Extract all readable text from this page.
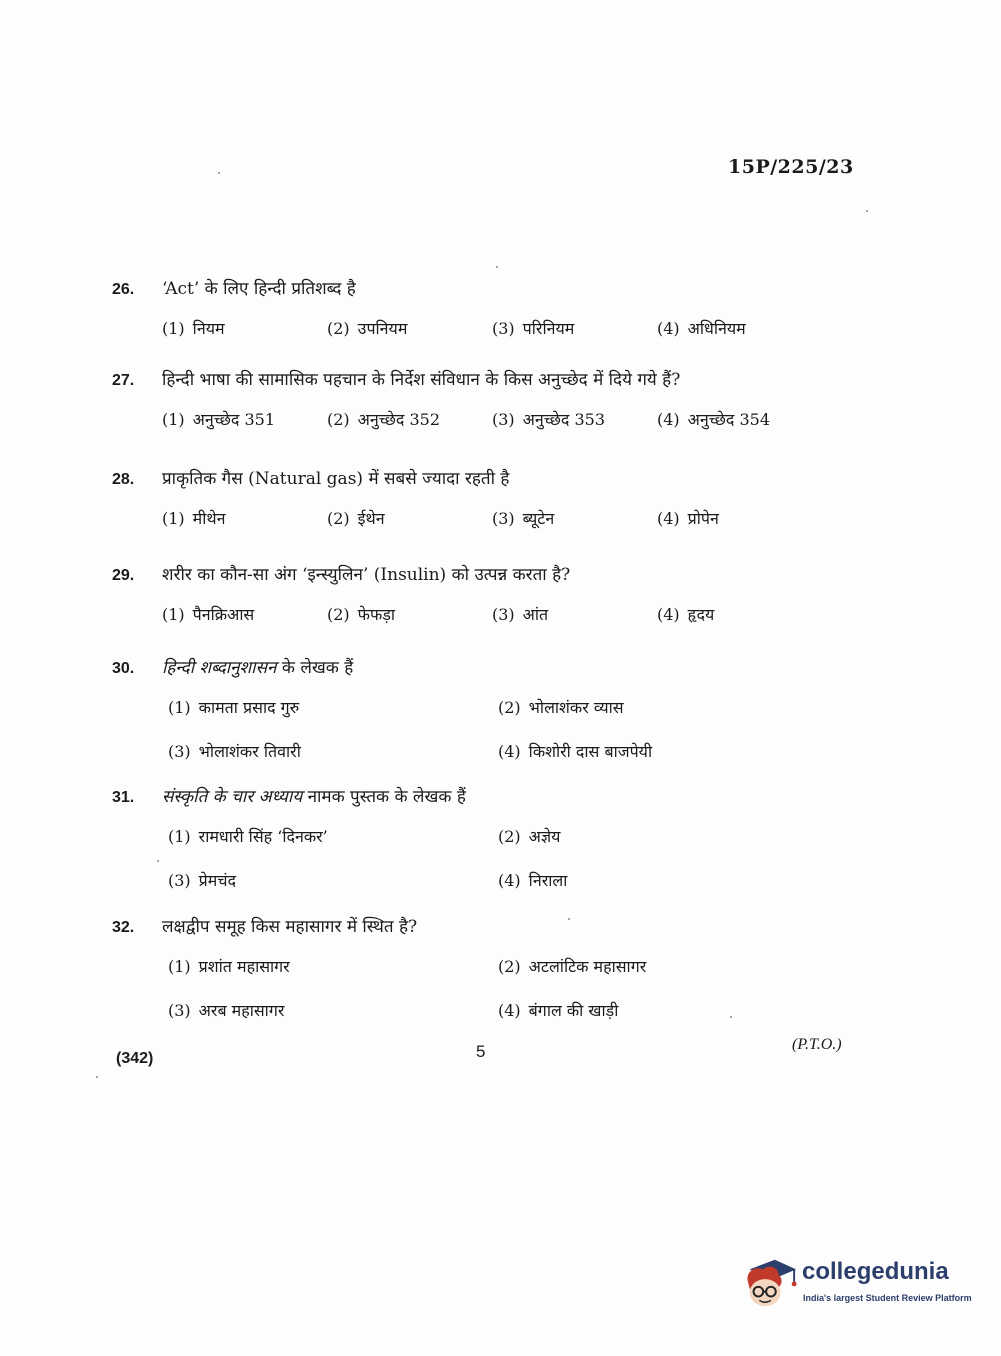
15P/225/23
26.	‘Act’ के लिए हिन्दी प्रतिशब्द है
(1) नियम	(2) उपनियम	(3) परिनियम	(4) अधिनियम
27.	हिन्दी भाषा की सामासिक पहचान के निर्देश संविधान के किस अनुच्छेद में दिये गये हैं?
(1) अनुच्छेद 351	(2) अनुच्छेद 352	(3) अनुच्छेद 353	(4) अनुच्छेद 354
28.	प्राकृतिक गैस (Natural gas) में सबसे ज्यादा रहती है
(1) मीथेन	(2) ईथेन	(3) ब्यूटेन	(4) प्रोपेन
29.	शरीर का कौन-सा अंग ‘इन्स्युलिन’ (Insulin) को उत्पन्न करता है?
(1) पैनक्रिआस	(2) फेफड़ा	(3) आंत	(4) हृदय
30.	हिन्दी शब्दानुशासन के लेखक हैं
(1) कामता प्रसाद गुरु	(2) भोलाशंकर व्यास
(3) भोलाशंकर तिवारी	(4) किशोरी दास बाजपेयी
31.	संस्कृति के चार अध्याय नामक पुस्तक के लेखक हैं
(1) रामधारी सिंह ‘दिनकर’	(2) अज्ञेय
(3) प्रेमचंद	(4) निराला
32.	लक्षद्वीप समूह किस महासागर में स्थित है?
(1) प्रशांत महासागर	(2) अटलांटिक महासागर
(3) अरब महासागर	(4) बंगाल की खाड़ी
(342)	5	(P.T.O.)
collegedunia
India's largest Student Review Platform
